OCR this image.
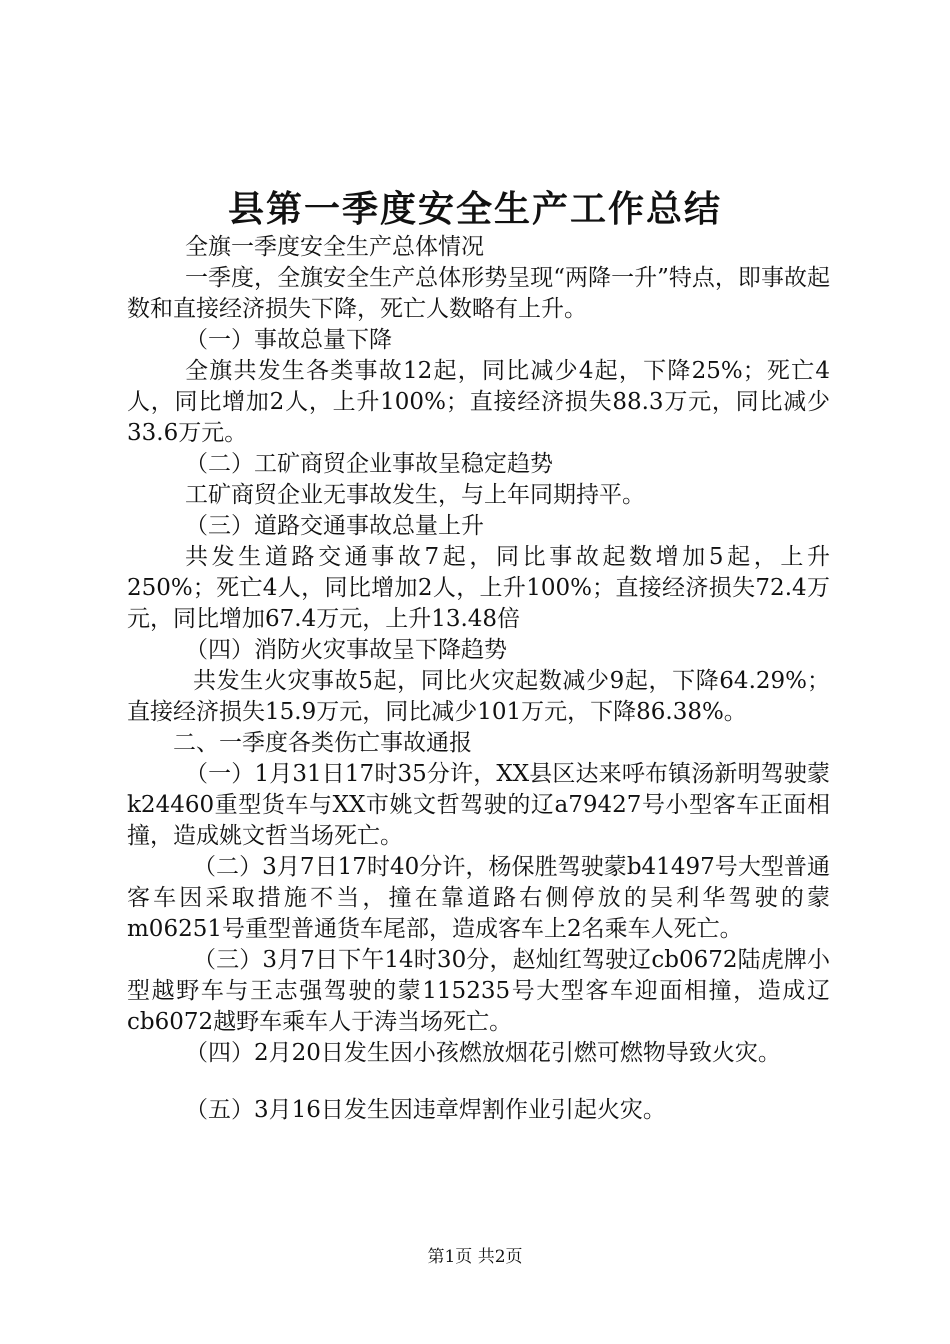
县第一季度安全生产工作总结

全旗一季度安全生产总体情况

一季度，全旗安全生产总体形势呈现“两降一升”特点，即事故起数和直接经济损失下降，死亡人数略有上升。

（一）事故总量下降

全旗共发生各类事故12起，同比减少4起，下降25%；死亡4人，同比增加2人，上升100%；直接经济损失88.3万元，同比减少33.6万元。

（二）工矿商贸企业事故呈稳定趋势

工矿商贸企业无事故发生，与上年同期持平。

（三）道路交通事故总量上升

共发生道路交通事故7起，同比事故起数增加5起，上升250%；死亡4人，同比增加2人，上升100%；直接经济损失72.4万元，同比增加67.4万元，上升13.48倍

（四）消防火灾事故呈下降趋势

共发生火灾事故5起，同比火灾起数减少9起，下降64.29%；直接经济损失15.9万元，同比减少101万元，下降86.38%。

二、一季度各类伤亡事故通报

（一）1月31日17时35分许，XX县区达来呼布镇汤新明驾驶蒙k24460重型货车与XX市姚文哲驾驶的辽a79427号小型客车正面相撞，造成姚文哲当场死亡。

（二）3月7日17时40分许，杨保胜驾驶蒙b41497号大型普通客车因采取措施不当，撞在靠道路右侧停放的吴利华驾驶的蒙m06251号重型普通货车尾部，造成客车上2名乘车人死亡。

（三）3月7日下午14时30分，赵灿红驾驶辽cb0672陆虎牌小型越野车与王志强驾驶的蒙115235号大型客车迎面相撞，造成辽cb6072越野车乘车人于涛当场死亡。

（四）2月20日发生因小孩燃放烟花引燃可燃物导致火灾。

（五）3月16日发生因违章焊割作业引起火灾。

第1页 共2页
